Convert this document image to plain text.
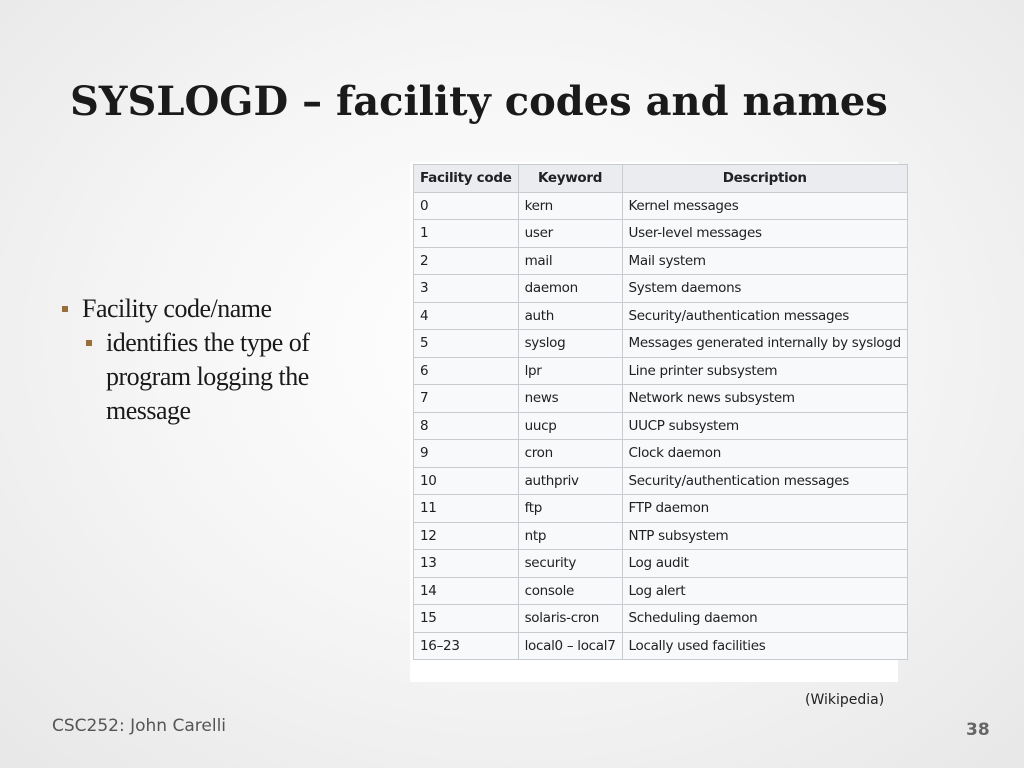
SYSLOGD – facility codes and names
Facility code/name
identifies the type of
program logging the
message
Facility code	Keyword	Description
0	kern	Kernel messages
1	user	User-level messages
2	mail	Mail system
3	daemon	System daemons
4	auth	Security/authentication messages
5	syslog	Messages generated internally by syslogd
6	lpr	Line printer subsystem
7	news	Network news subsystem
8	uucp	UUCP subsystem
9	cron	Clock daemon
10	authpriv	Security/authentication messages
11	ftp	FTP daemon
12	ntp	NTP subsystem
13	security	Log audit
14	console	Log alert
15	solaris-cron	Scheduling daemon
16–23	local0 – local7	Locally used facilities
(Wikipedia)
CSC252: John Carelli	38
